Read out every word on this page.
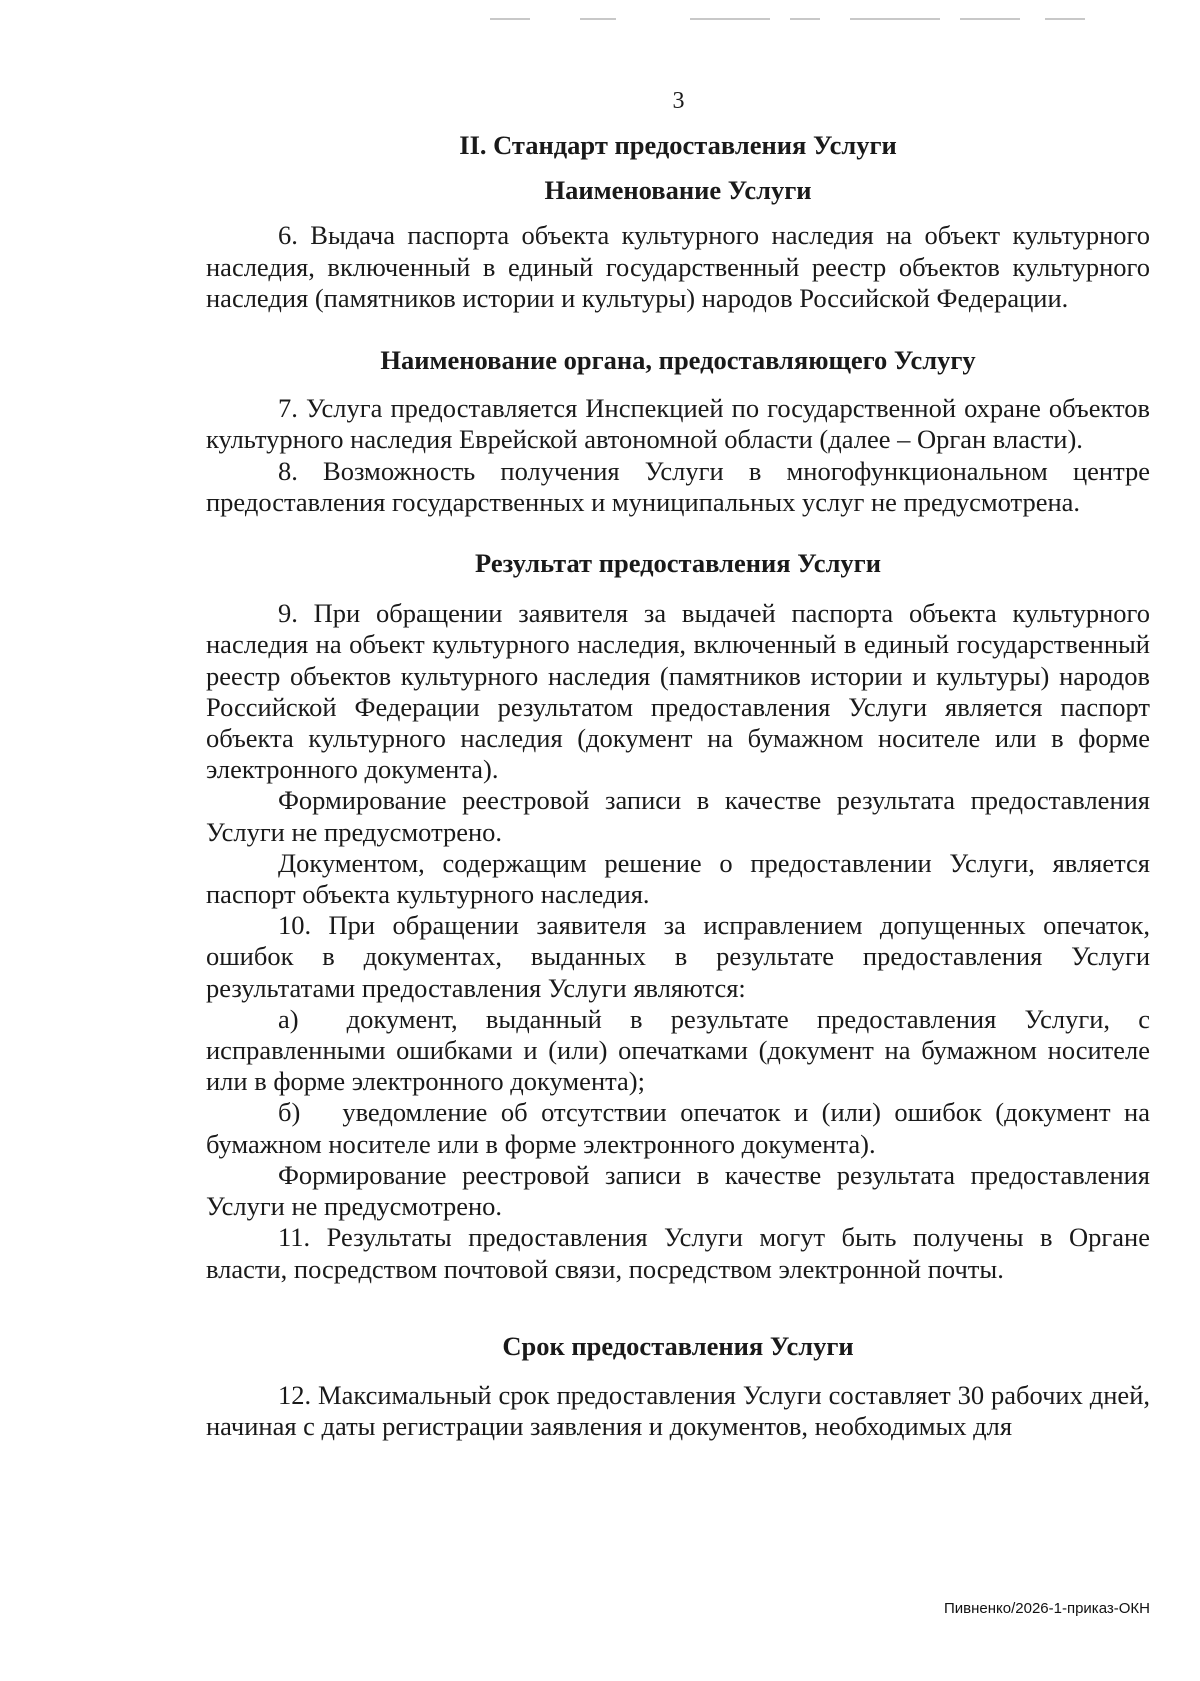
3

II. Стандарт предоставления Услуги

Наименование Услуги

6. Выдача паспорта объекта культурного наследия на объект культурного наследия, включенный в единый государственный реестр объектов культурного наследия (памятников истории и культуры) народов Российской Федерации.

Наименование органа, предоставляющего Услугу

7. Услуга предоставляется Инспекцией по государственной охране объектов культурного наследия Еврейской автономной области (далее – Орган власти).

8. Возможность получения Услуги в многофункциональном центре предоставления государственных и муниципальных услуг не предусмотрена.

Результат предоставления Услуги

9. При обращении заявителя за выдачей паспорта объекта культурного наследия на объект культурного наследия, включенный в единый государственный реестр объектов культурного наследия (памятников истории и культуры) народов Российской Федерации результатом предоставления Услуги является паспорт объекта культурного наследия (документ на бумажном носителе или в форме электронного документа).

Формирование реестровой записи в качестве результата предоставления Услуги не предусмотрено.

Документом, содержащим решение о предоставлении Услуги, является паспорт объекта культурного наследия.

10. При обращении заявителя за исправлением допущенных опечаток, ошибок в документах, выданных в результате предоставления Услуги результатами предоставления Услуги являются:

а) документ, выданный в результате предоставления Услуги, с исправленными ошибками и (или) опечатками (документ на бумажном носителе или в форме электронного документа);

б) уведомление об отсутствии опечаток и (или) ошибок (документ на бумажном носителе или в форме электронного документа).

Формирование реестровой записи в качестве результата предоставления Услуги не предусмотрено.

11. Результаты предоставления Услуги могут быть получены в Органе власти, посредством почтовой связи, посредством электронной почты.

Срок предоставления Услуги

12. Максимальный срок предоставления Услуги составляет 30 рабочих дней, начиная с даты регистрации заявления и документов, необходимых для

Пивненко/2026-1-приказ-ОКН
